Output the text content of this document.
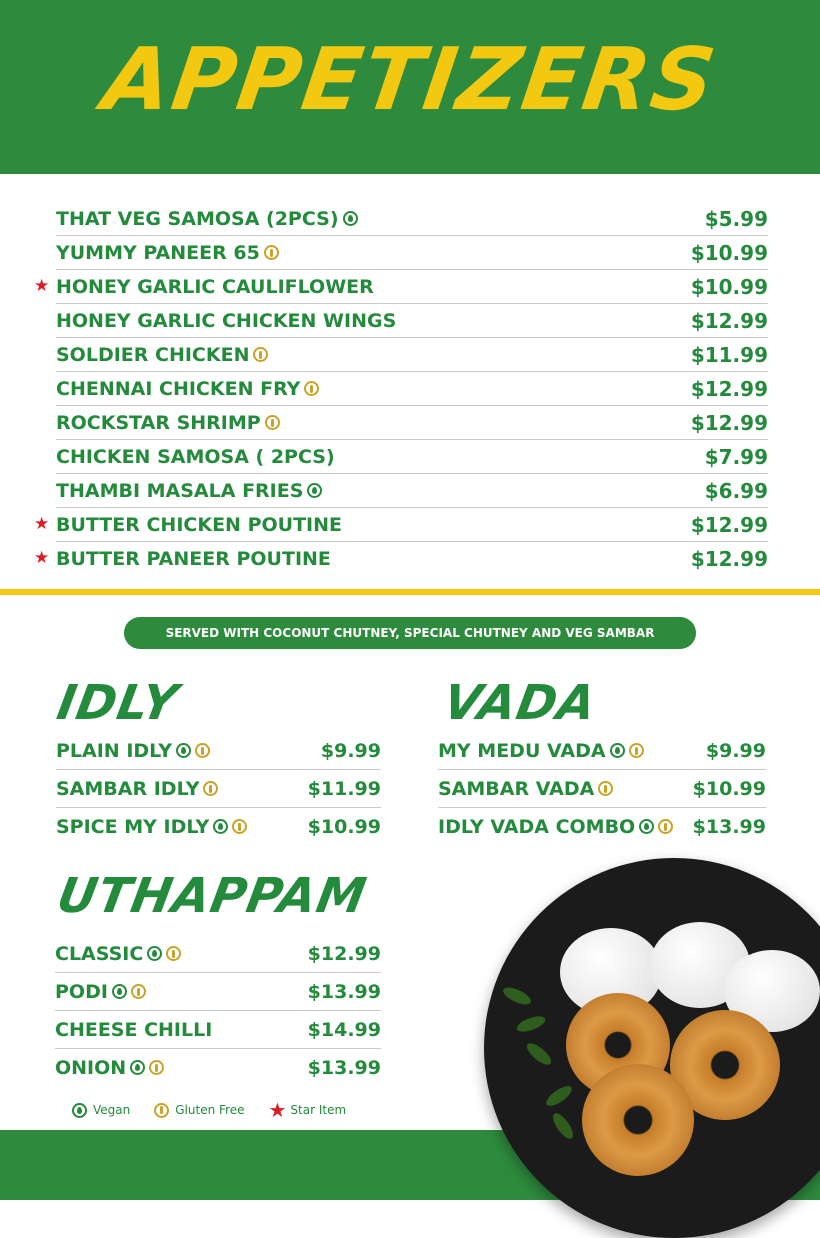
APPETIZERS
THAT VEG SAMOSA (2PCS)	$5.99
YUMMY PANEER 65	$10.99
★ HONEY GARLIC CAULIFLOWER	$10.99
HONEY GARLIC CHICKEN WINGS	$12.99
SOLDIER CHICKEN	$11.99
CHENNAI CHICKEN FRY	$12.99
ROCKSTAR SHRIMP	$12.99
CHICKEN SAMOSA ( 2PCS)	$7.99
THAMBI MASALA FRIES	$6.99
★ BUTTER CHICKEN POUTINE	$12.99
★ BUTTER PANEER POUTINE	$12.99
SERVED WITH COCONUT CHUTNEY, SPECIAL CHUTNEY AND VEG SAMBAR
IDLY
PLAIN IDLY	$9.99
SAMBAR IDLY	$11.99
SPICE MY IDLY	$10.99
VADA
MY MEDU VADA	$9.99
SAMBAR VADA	$10.99
IDLY VADA COMBO	$13.99
UTHAPPAM
CLASSIC	$12.99
PODI	$13.99
CHEESE CHILLI	$14.99
ONION	$13.99
Vegan	Gluten Free ★ Star Item
